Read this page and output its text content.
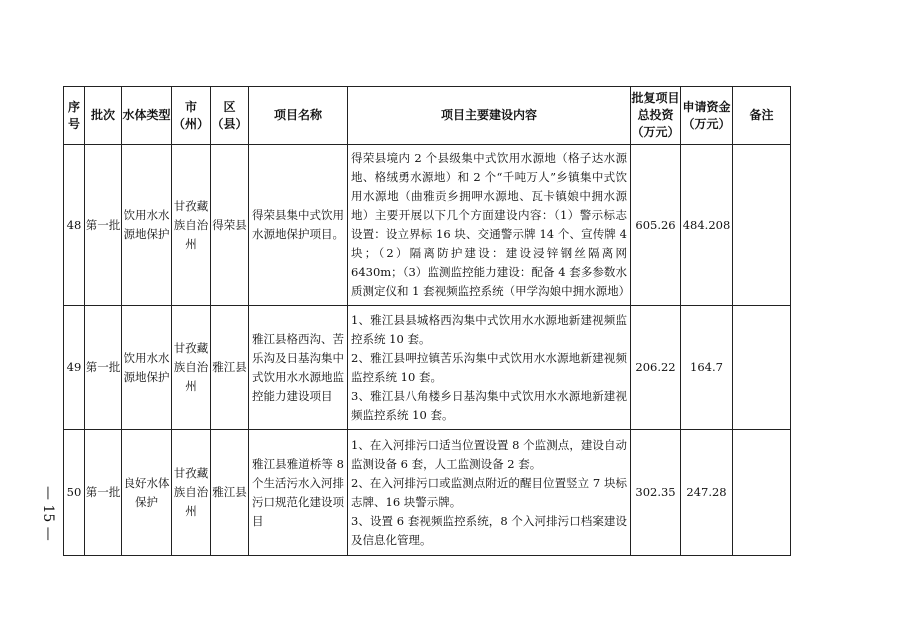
序号	批次	水体类型	市（州）	区（县）	项目名称	项目主要建设内容	批复项目总投资（万元）	申请资金（万元）	备注
48	第一批	饮用水水源地保护	甘孜藏族自治州	得荣县	得荣县集中式饮用水源地保护项目。	得荣县境内 2 个县级集中式饮用水源地（格子达水源地、格绒勇水源地）和 2 个“千吨万人”乡镇集中式饮用水源地（曲雅贡乡拥呷水源地、瓦卡镇娘中拥水源地）主要开展以下几个方面建设内容：（1）警示标志设置：设立界标 16 块、交通警示牌 14 个、宣传牌 4 块；（2）隔离防护建设：建设浸锌钢丝隔离网 6430m；（3）监测监控能力建设：配备 4 套多参数水质测定仪和 1 套视频监控系统（甲学沟娘中拥水源地）	605.26	484.208	
49	第一批	饮用水水源地保护	甘孜藏族自治州	雅江县	雅江县格西沟、苦乐沟及日基沟集中式饮用水水源地监控能力建设项目	1、雅江县县城格西沟集中式饮用水水源地新建视频监控系统 10 套。
2、雅江县呷拉镇苦乐沟集中式饮用水水源地新建视频监控系统 10 套。
3、雅江县八角楼乡日基沟集中式饮用水水源地新建视频监控系统 10 套。	206.22	164.7	
50	第一批	良好水体保护	甘孜藏族自治州	雅江县	雅江县雅道桥等 8 个生活污水入河排污口规范化建设项目	1、在入河排污口适当位置设置 8 个监测点，建设自动监测设备 6 套，人工监测设备 2 套。
2、在入河排污口或监测点附近的醒目位置竖立 7 块标志牌、16 块警示牌。
3、设置 6 套视频监控系统，8 个入河排污口档案建设及信息化管理。	302.35	247.28	
— 15 —
